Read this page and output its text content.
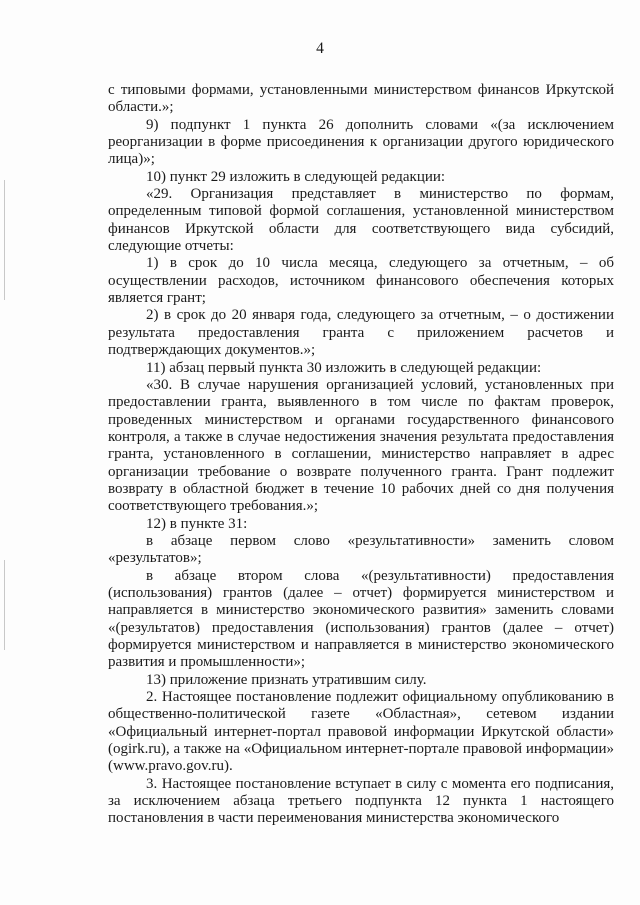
4

с типовыми формами, установленными министерством финансов Иркутской области.»;

9) подпункт 1 пункта 26 дополнить словами «(за исключением реорганизации в форме присоединения к организации другого юридического лица)»;

10) пункт 29 изложить в следующей редакции:

«29. Организация представляет в министерство по формам, определенным типовой формой соглашения, установленной министерством финансов Иркутской области для соответствующего вида субсидий, следующие отчеты:

1) в срок до 10 числа месяца, следующего за отчетным, – об осуществлении расходов, источником финансового обеспечения которых является грант;

2) в срок до 20 января года, следующего за отчетным, – о достижении результата предоставления гранта с приложением расчетов и подтверждающих документов.»;

11) абзац первый пункта 30 изложить в следующей редакции:

«30. В случае нарушения организацией условий, установленных при предоставлении гранта, выявленного в том числе по фактам проверок, проведенных министерством и органами государственного финансового контроля, а также в случае недостижения значения результата предоставления гранта, установленного в соглашении, министерство направляет в адрес организации требование о возврате полученного гранта. Грант подлежит возврату в областной бюджет в течение 10 рабочих дней со дня получения соответствующего требования.»;

12) в пункте 31:

в абзаце первом слово «результативности» заменить словом «результатов»;

в абзаце втором слова «(результативности) предоставления (использования) грантов (далее – отчет) формируется министерством и направляется в министерство экономического развития» заменить словами «(результатов) предоставления (использования) грантов (далее – отчет) формируется министерством и направляется в министерство экономического развития и промышленности»;

13) приложение признать утратившим силу.

2. Настоящее постановление подлежит официальному опубликованию в общественно-политической газете «Областная», сетевом издании «Официальный интернет-портал правовой информации Иркутской области» (ogirk.ru), а также на «Официальном интернет-портале правовой информации» (www.pravo.gov.ru).

3. Настоящее постановление вступает в силу с момента его подписания, за исключением абзаца третьего подпункта 12 пункта 1 настоящего постановления в части переименования министерства экономического
